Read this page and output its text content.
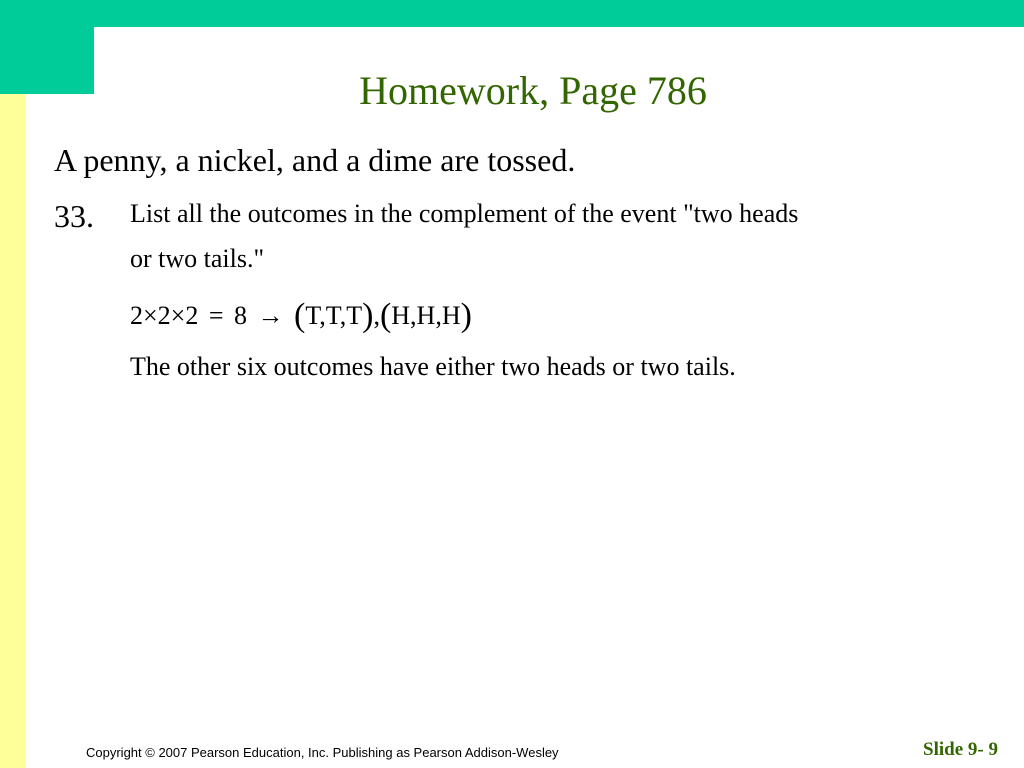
Homework, Page 786
A penny, a nickel, and a dime are tossed.
33. List all the outcomes in the complement of the event "two heads
or two tails."
2×2×2 = 8 → (T,T,T),(H,H,H)
The other six outcomes have either two heads or two tails.
Copyright © 2007 Pearson Education, Inc. Publishing as Pearson Addison-Wesley	Slide 9- 9
